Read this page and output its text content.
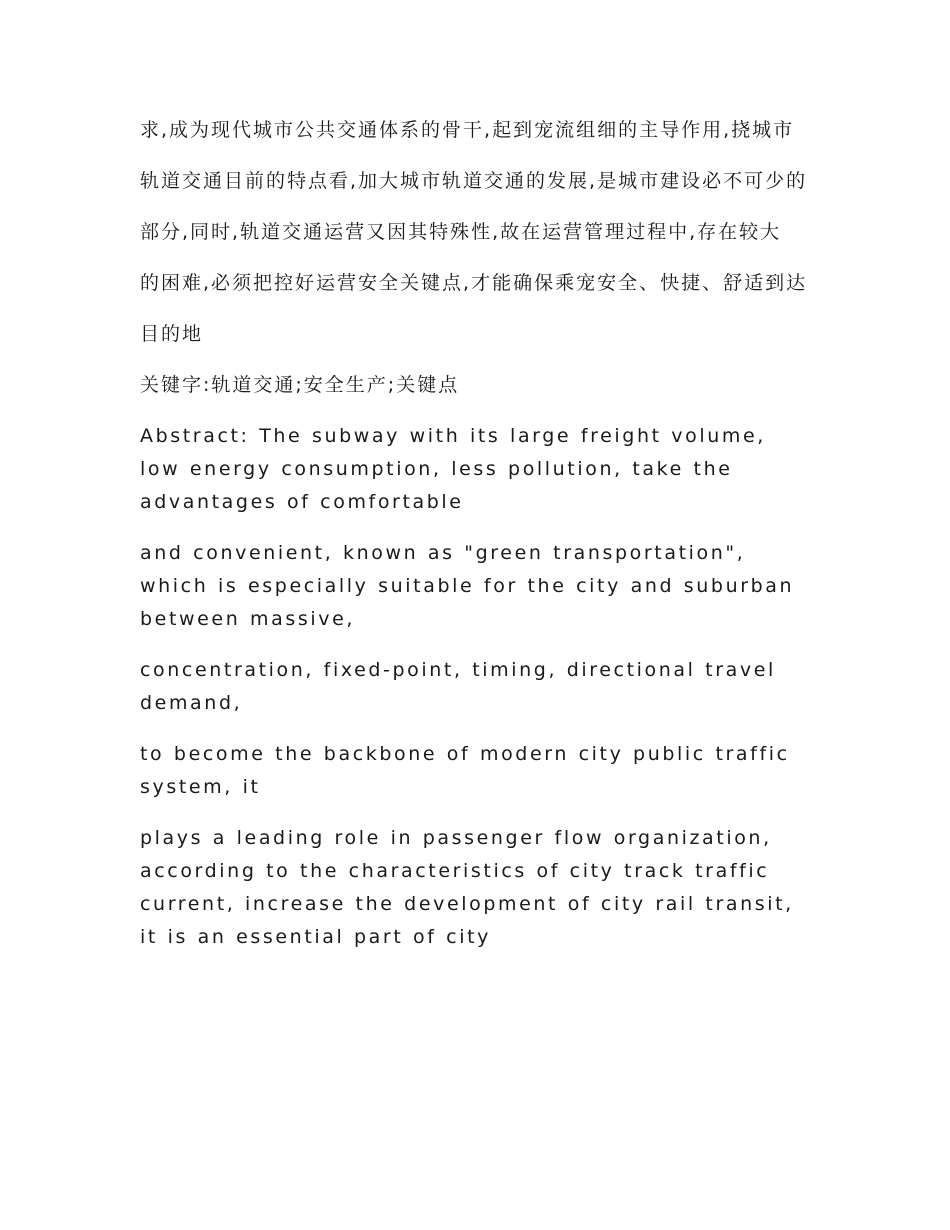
求,成为现代城市公共交通体系的骨干,起到宠流组细的主导作用,挠城市

轨道交通目前的特点看,加大城市轨道交通的发展,是城市建设必不可少的

部分,同时,轨道交通运营又因其特殊性,故在运营管理过程中,存在较大

的困难,必须把控好运营安全关键点,才能确保乘宠安全、快捷、舒适到达

目的地

关键字:轨道交通;安全生产;关键点

Abstract: The subway with its large freight volume, low energy consumption, less pollution, take the advantages of comfortable

and convenient, known as "green transportation", which is especially suitable for the city and suburban between massive,

concentration, fixed-point, timing, directional travel demand,

to become the backbone of modern city public traffic system, it

plays a leading role in passenger flow organization, according to the characteristics of city track traffic current, increase the development of city rail transit, it is an essential part of city
